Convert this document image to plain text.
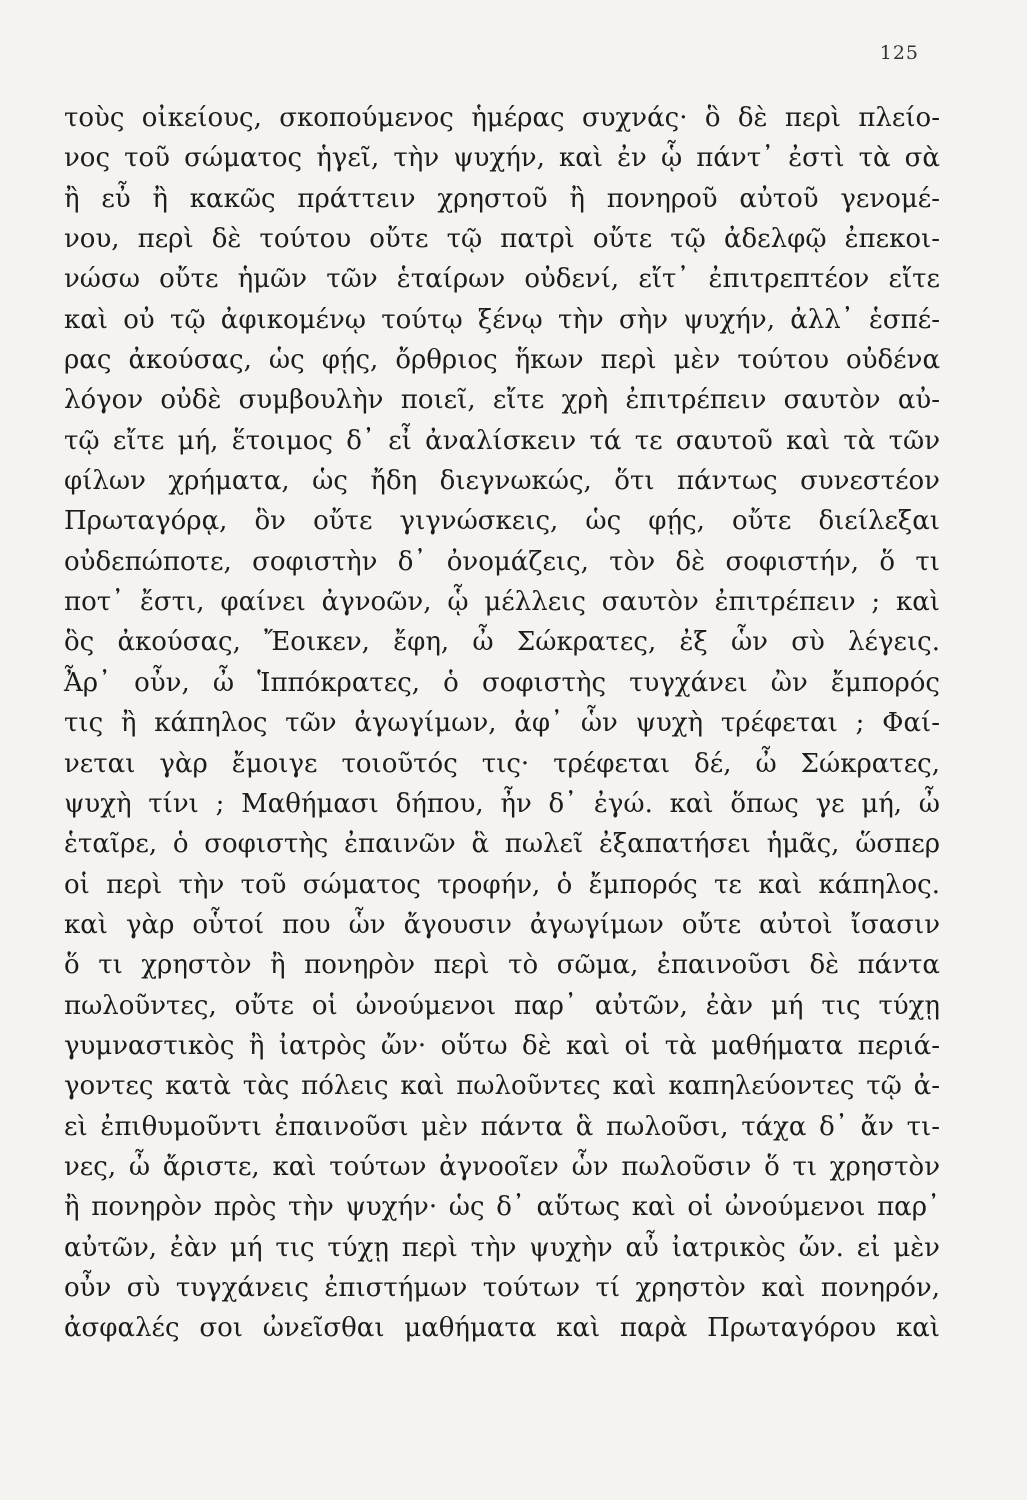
125
τοὺς οἰκείους, σκοπούμενος ἡμέρας συχνάς· ὃ δὲ περὶ πλείο-
νος τοῦ σώματος ἡγεῖ, τὴν ψυχήν, καὶ ἐν ᾧ πάντ᾽ ἐστὶ τὰ σὰ
ἢ εὖ ἢ κακῶς πράττειν χρηστοῦ ἢ πονηροῦ αὐτοῦ γενομέ-
νου, περὶ δὲ τούτου οὔτε τῷ πατρὶ οὔτε τῷ ἀδελφῷ ἐπεκοι-
νώσω οὔτε ἡμῶν τῶν ἑταίρων οὐδενί, εἴτ᾽ ἐπιτρεπτέον εἴτε
καὶ οὐ τῷ ἀφικομένῳ τούτῳ ξένῳ τὴν σὴν ψυχήν, ἀλλ᾽ ἑσπέ-
ρας ἀκούσας, ὡς φῄς, ὄρθριος ἥκων περὶ μὲν τούτου οὐδένα
λόγον οὐδὲ συμβουλὴν ποιεῖ, εἴτε χρὴ ἐπιτρέπειν σαυτὸν αὐ-
τῷ εἴτε μή, ἕτοιμος δ᾽ εἶ ἀναλίσκειν τά τε σαυτοῦ καὶ τὰ τῶν
φίλων χρήματα, ὡς ἤδη διεγνωκώς, ὅτι πάντως συνεστέον
Πρωταγόρᾳ, ὃν οὔτε γιγνώσκεις, ὡς φῄς, οὔτε διείλεξαι
οὐδεπώποτε, σοφιστὴν δ᾽ ὀνομάζεις, τὸν δὲ σοφιστήν, ὅ τι
ποτ᾽ ἔστι, φαίνει ἀγνοῶν, ᾧ μέλλεις σαυτὸν ἐπιτρέπειν ; καὶ
ὃς ἀκούσας, Ἔοικεν, ἔφη, ὦ Σώκρατες, ἐξ ὧν σὺ λέγεις.
Ἆρ᾽ οὖν, ὦ Ἱππόκρατες, ὁ σοφιστὴς τυγχάνει ὢν ἔμπορός
τις ἢ κάπηλος τῶν ἀγωγίμων, ἀφ᾽ ὧν ψυχὴ τρέφεται ; Φαί-
νεται γὰρ ἔμοιγε τοιοῦτός τις· τρέφεται δέ, ὦ Σώκρατες,
ψυχὴ τίνι ; Μαθήμασι δήπου, ἦν δ᾽ ἐγώ. καὶ ὅπως γε μή, ὦ
ἑταῖρε, ὁ σοφιστὴς ἐπαινῶν ἃ πωλεῖ ἐξαπατήσει ἡμᾶς, ὥσπερ
οἱ περὶ τὴν τοῦ σώματος τροφήν, ὁ ἔμπορός τε καὶ κάπηλος.
καὶ γὰρ οὗτοί που ὧν ἄγουσιν ἀγωγίμων οὔτε αὐτοὶ ἴσασιν
ὅ τι χρηστὸν ἢ πονηρὸν περὶ τὸ σῶμα, ἐπαινοῦσι δὲ πάντα
πωλοῦντες, οὔτε οἱ ὠνούμενοι παρ᾽ αὐτῶν, ἐὰν μή τις τύχῃ
γυμναστικὸς ἢ ἰατρὸς ὤν· οὕτω δὲ καὶ οἱ τὰ μαθήματα περιά-
γοντες κατὰ τὰς πόλεις καὶ πωλοῦντες καὶ καπηλεύοντες τῷ ἀ-
εὶ ἐπιθυμοῦντι ἐπαινοῦσι μὲν πάντα ἃ πωλοῦσι, τάχα δ᾽ ἄν τι-
νες, ὦ ἄριστε, καὶ τούτων ἀγνοοῖεν ὧν πωλοῦσιν ὅ τι χρηστὸν
ἢ πονηρὸν πρὸς τὴν ψυχήν· ὡς δ᾽ αὕτως καὶ οἱ ὠνούμενοι παρ᾽
αὐτῶν, ἐὰν μή τις τύχῃ περὶ τὴν ψυχὴν αὖ ἰατρικὸς ὤν. εἰ μὲν
οὖν σὺ τυγχάνεις ἐπιστήμων τούτων τί χρηστὸν καὶ πονηρόν,
ἀσφαλές σοι ὠνεῖσθαι μαθήματα καὶ παρὰ Πρωταγόρου καὶ
